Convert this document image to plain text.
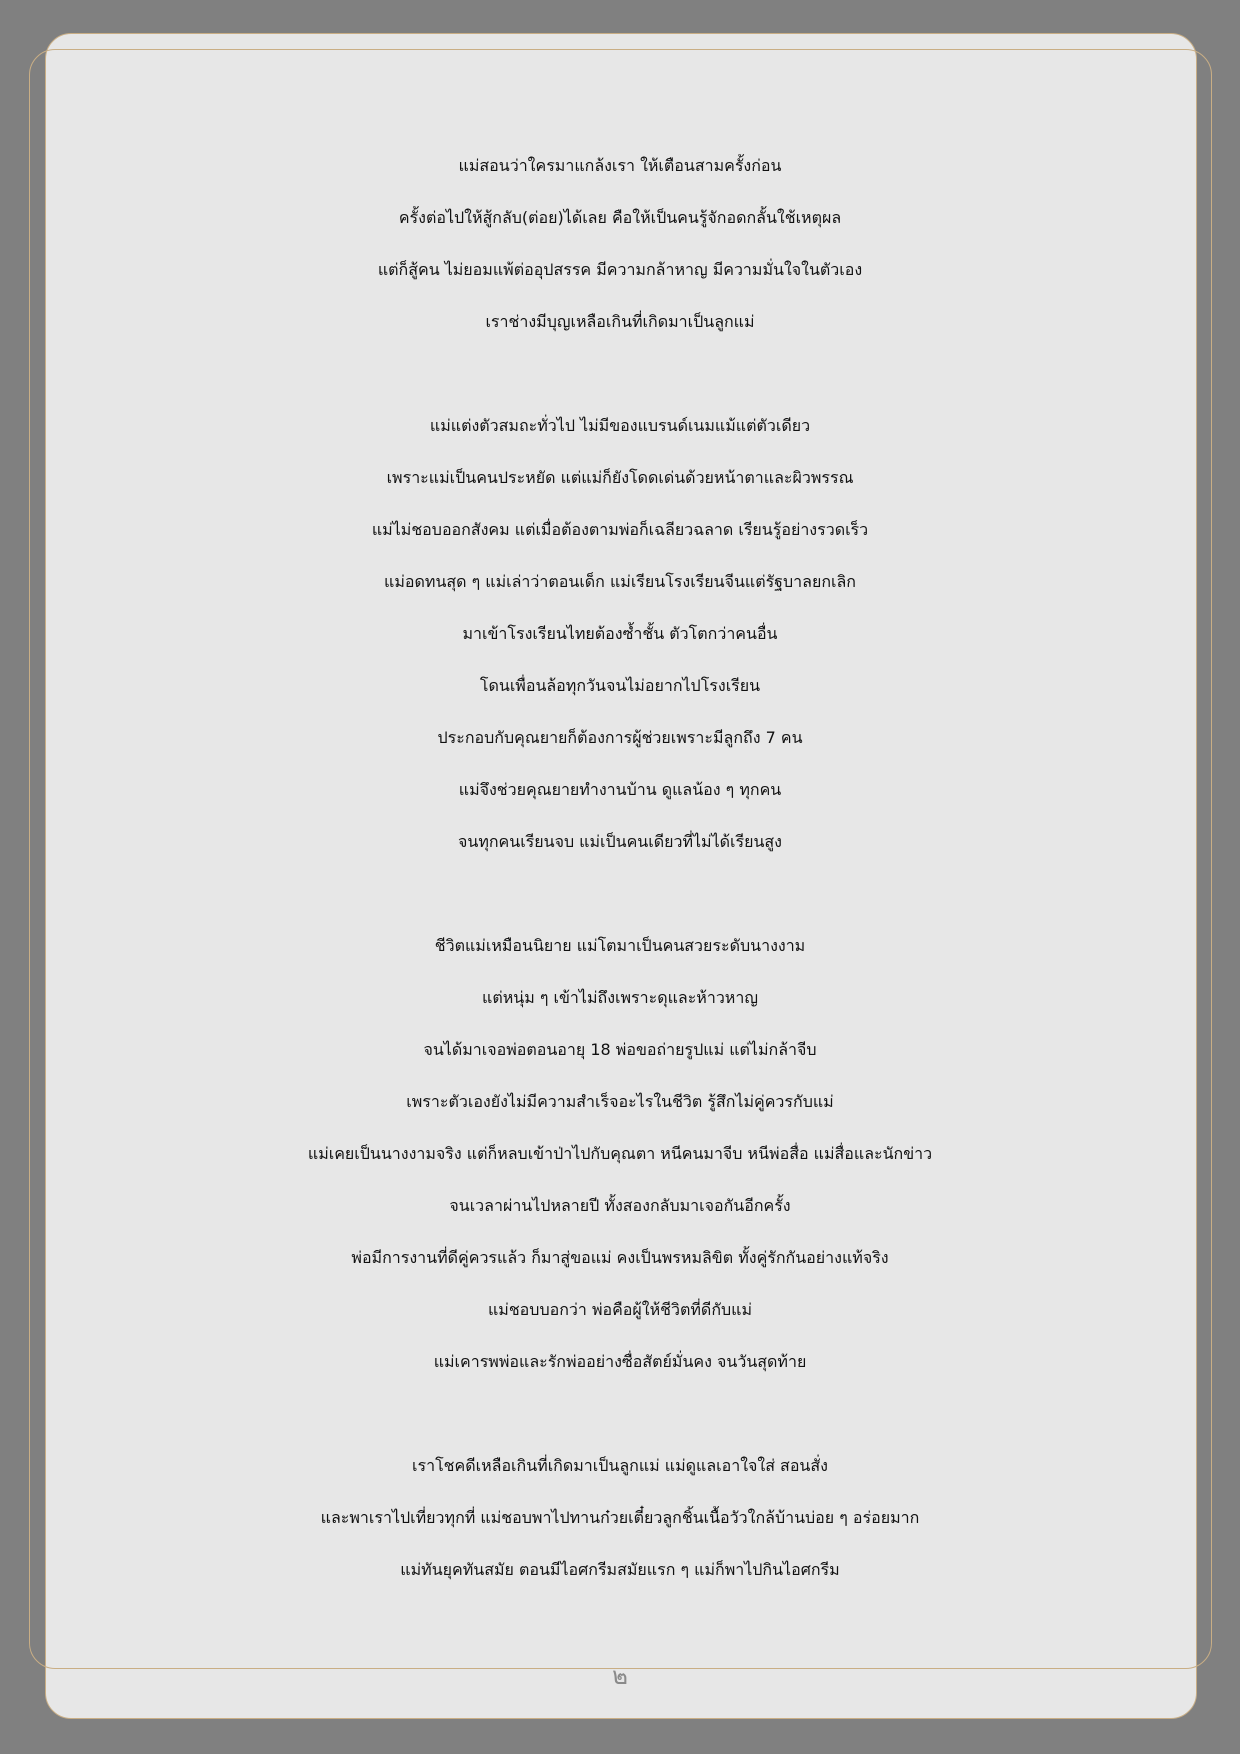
แม่สอนว่าใครมาแกล้งเรา ให้เตือนสามครั้งก่อน
ครั้งต่อไปให้สู้กลับ(ต่อย)ได้เลย คือให้เป็นคนรู้จักอดกลั้นใช้เหตุผล
แต่ก็สู้คน ไม่ยอมแพ้ต่ออุปสรรค มีความกล้าหาญ มีความมั่นใจในตัวเอง
เราช่างมีบุญเหลือเกินที่เกิดมาเป็นลูกแม่
แม่แต่งตัวสมถะทั่วไป ไม่มีของแบรนด์เนมแม้แต่ตัวเดียว
เพราะแม่เป็นคนประหยัด แต่แม่ก็ยังโดดเด่นด้วยหน้าตาและผิวพรรณ
แม่ไม่ชอบออกสังคม แต่เมื่อต้องตามพ่อก็เฉลียวฉลาด เรียนรู้อย่างรวดเร็ว
แม่อดทนสุด ๆ แม่เล่าว่าตอนเด็ก แม่เรียนโรงเรียนจีนแต่รัฐบาลยกเลิก
มาเข้าโรงเรียนไทยต้องซ้ำชั้น ตัวโตกว่าคนอื่น
โดนเพื่อนล้อทุกวันจนไม่อยากไปโรงเรียน
ประกอบกับคุณยายก็ต้องการผู้ช่วยเพราะมีลูกถึง 7 คน
แม่จึงช่วยคุณยายทำงานบ้าน ดูแลน้อง ๆ ทุกคน
จนทุกคนเรียนจบ แม่เป็นคนเดียวที่ไม่ได้เรียนสูง
ชีวิตแม่เหมือนนิยาย แม่โตมาเป็นคนสวยระดับนางงาม
แต่หนุ่ม ๆ เข้าไม่ถึงเพราะดุและห้าวหาญ
จนได้มาเจอพ่อตอนอายุ 18 พ่อขอถ่ายรูปแม่ แต่ไม่กล้าจีบ
เพราะตัวเองยังไม่มีความสำเร็จอะไรในชีวิต รู้สึกไม่คู่ควรกับแม่
แม่เคยเป็นนางงามจริง แต่ก็หลบเข้าป่าไปกับคุณตา หนีคนมาจีบ หนีพ่อสื่อ แม่สื่อและนักข่าว
จนเวลาผ่านไปหลายปี ทั้งสองกลับมาเจอกันอีกครั้ง
พ่อมีการงานที่ดีคู่ควรแล้ว ก็มาสู่ขอแม่ คงเป็นพรหมลิขิต ทั้งคู่รักกันอย่างแท้จริง
แม่ชอบบอกว่า พ่อคือผู้ให้ชีวิตที่ดีกับแม่
แม่เคารพพ่อและรักพ่ออย่างซื่อสัตย์มั่นคง จนวันสุดท้าย
เราโชคดีเหลือเกินที่เกิดมาเป็นลูกแม่ แม่ดูแลเอาใจใส่ สอนสั่ง
และพาเราไปเที่ยวทุกที่ แม่ชอบพาไปทานก๋วยเตี๋ยวลูกชิ้นเนื้อวัวใกล้บ้านบ่อย ๆ อร่อยมาก
แม่ทันยุคทันสมัย ตอนมีไอศกรีมสมัยแรก ๆ แม่ก็พาไปกินไอศกรีม
๒
